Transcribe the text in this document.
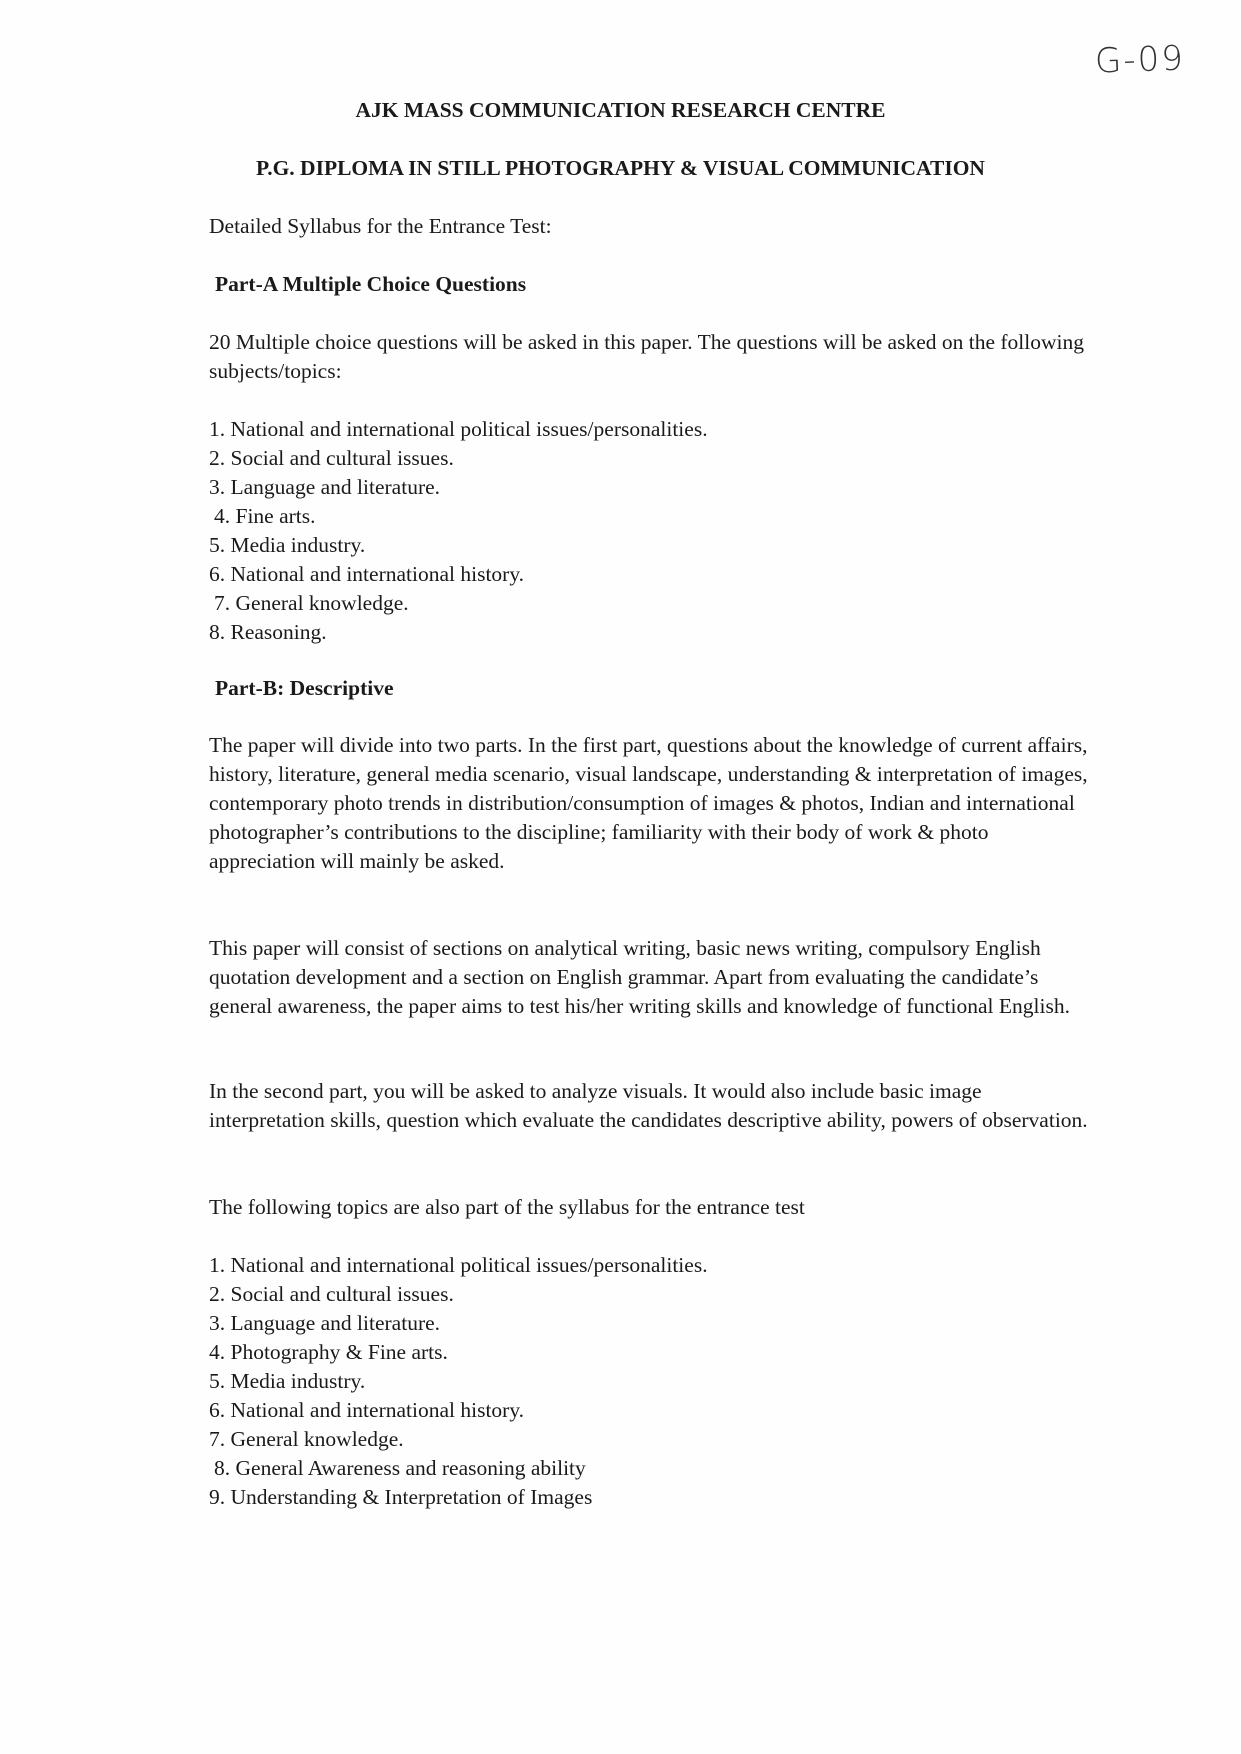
G-09
AJK MASS COMMUNICATION RESEARCH CENTRE
P.G. DIPLOMA IN STILL PHOTOGRAPHY & VISUAL COMMUNICATION
Detailed Syllabus for the Entrance Test:
Part-A Multiple Choice Questions
20 Multiple choice questions will be asked in this paper. The questions will be asked on the following subjects/topics:
1. National and international political issues/personalities.
2. Social and cultural issues.
3. Language and literature.
4. Fine arts.
5. Media industry.
6. National and international history.
7. General knowledge.
8. Reasoning.
Part-B: Descriptive
The paper will divide into two parts. In the first part, questions about the knowledge of current affairs, history, literature, general media scenario, visual landscape, understanding & interpretation of images, contemporary photo trends in distribution/consumption of images & photos, Indian and international photographer’s contributions to the discipline; familiarity with their body of work & photo appreciation will mainly be asked.
This paper will consist of sections on analytical writing, basic news writing, compulsory English quotation development and a section on English grammar. Apart from evaluating the candidate’s general awareness, the paper aims to test his/her writing skills and knowledge of functional English.
In the second part, you will be asked to analyze visuals. It would also include basic image interpretation skills, question which evaluate the candidates descriptive ability, powers of observation.
The following topics are also part of the syllabus for the entrance test
1. National and international political issues/personalities.
2. Social and cultural issues.
3. Language and literature.
4. Photography & Fine arts.
5. Media industry.
6. National and international history.
7. General knowledge.
8. General Awareness and reasoning ability
9. Understanding & Interpretation of Images
